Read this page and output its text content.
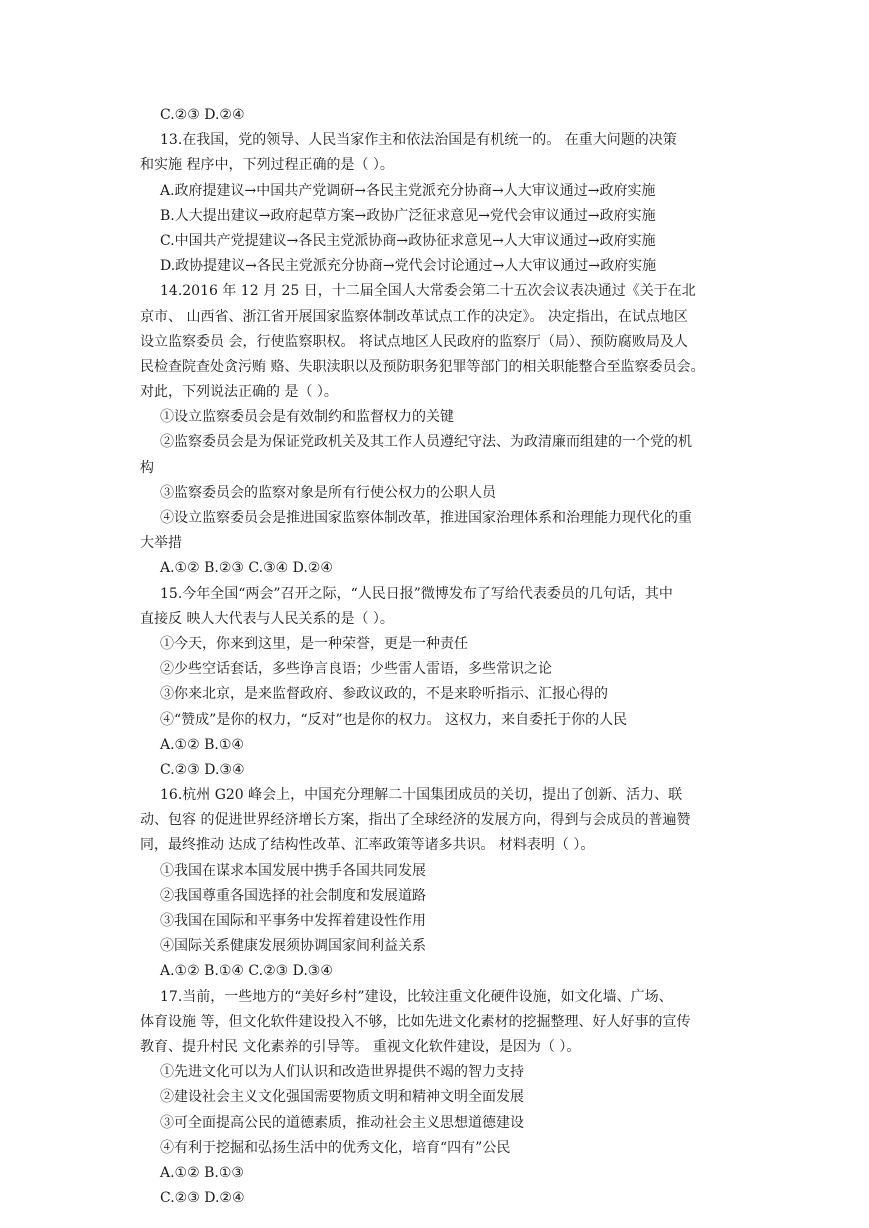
C.②③ D.②④
13.在我国，党的领导、人民当家作主和依法治国是有机统一的。 在重大问题的决策
和实施 程序中，下列过程正确的是（ ）。
A.政府提建议→中国共产党调研→各民主党派充分协商→人大审议通过→政府实施
B.人大提出建议→政府起草方案→政协广泛征求意见→党代会审议通过→政府实施
C.中国共产党提建议→各民主党派协商→政协征求意见→人大审议通过→政府实施
D.政协提建议→各民主党派充分协商→党代会讨论通过→人大审议通过→政府实施
14.2016 年 12 月 25 日，十二届全国人大常委会第二十五次会议表决通过《关于在北
京市、 山西省、浙江省开展国家监察体制改革试点工作的决定》。 决定指出，在试点地区
设立监察委员 会，行使监察职权。 将试点地区人民政府的监察厅（局）、预防腐败局及人
民检查院查处贪污贿 赂、失职渎职以及预防职务犯罪等部门的相关职能整合至监察委员会。
对此，下列说法正确的 是（ ）。
①设立监察委员会是有效制约和监督权力的关键
②监察委员会是为保证党政机关及其工作人员遵纪守法、为政清廉而组建的一个党的机
构
③监察委员会的监察对象是所有行使公权力的公职人员
④设立监察委员会是推进国家监察体制改革，推进国家治理体系和治理能力现代化的重
大举措
A.①② B.②③ C.③④ D.②④
15.今年全国“两会”召开之际，“人民日报”微博发布了写给代表委员的几句话，其中
直接反 映人大代表与人民关系的是（ ）。
①今天，你来到这里，是一种荣誉，更是一种责任
②少些空话套话，多些诤言良语；少些雷人雷语，多些常识之论
③你来北京，是来监督政府、参政议政的，不是来聆听指示、汇报心得的
④“赞成”是你的权力，“反对”也是你的权力。 这权力，来自委托于你的人民
A.①② B.①④
C.②③ D.③④
16.杭州 G20 峰会上，中国充分理解二十国集团成员的关切，提出了创新、活力、联
动、包容 的促进世界经济增长方案，指出了全球经济的发展方向，得到与会成员的普遍赞
同，最终推动 达成了结构性改革、汇率政策等诸多共识。 材料表明（ ）。
①我国在谋求本国发展中携手各国共同发展
②我国尊重各国选择的社会制度和发展道路
③我国在国际和平事务中发挥着建设性作用
④国际关系健康发展须协调国家间利益关系
A.①② B.①④ C.②③ D.③④
17.当前，一些地方的“美好乡村”建设，比较注重文化硬件设施，如文化墙、广场、
体育设施 等，但文化软件建设投入不够，比如先进文化素材的挖掘整理、好人好事的宣传
教育、提升村民 文化素养的引导等。 重视文化软件建设，是因为（ ）。
①先进文化可以为人们认识和改造世界提供不竭的智力支持
②建设社会主义文化强国需要物质文明和精神文明全面发展
③可全面提高公民的道德素质，推动社会主义思想道德建设
④有利于挖掘和弘扬生活中的优秀文化，培育“四有”公民
A.①② B.①③
C.②③ D.②④
